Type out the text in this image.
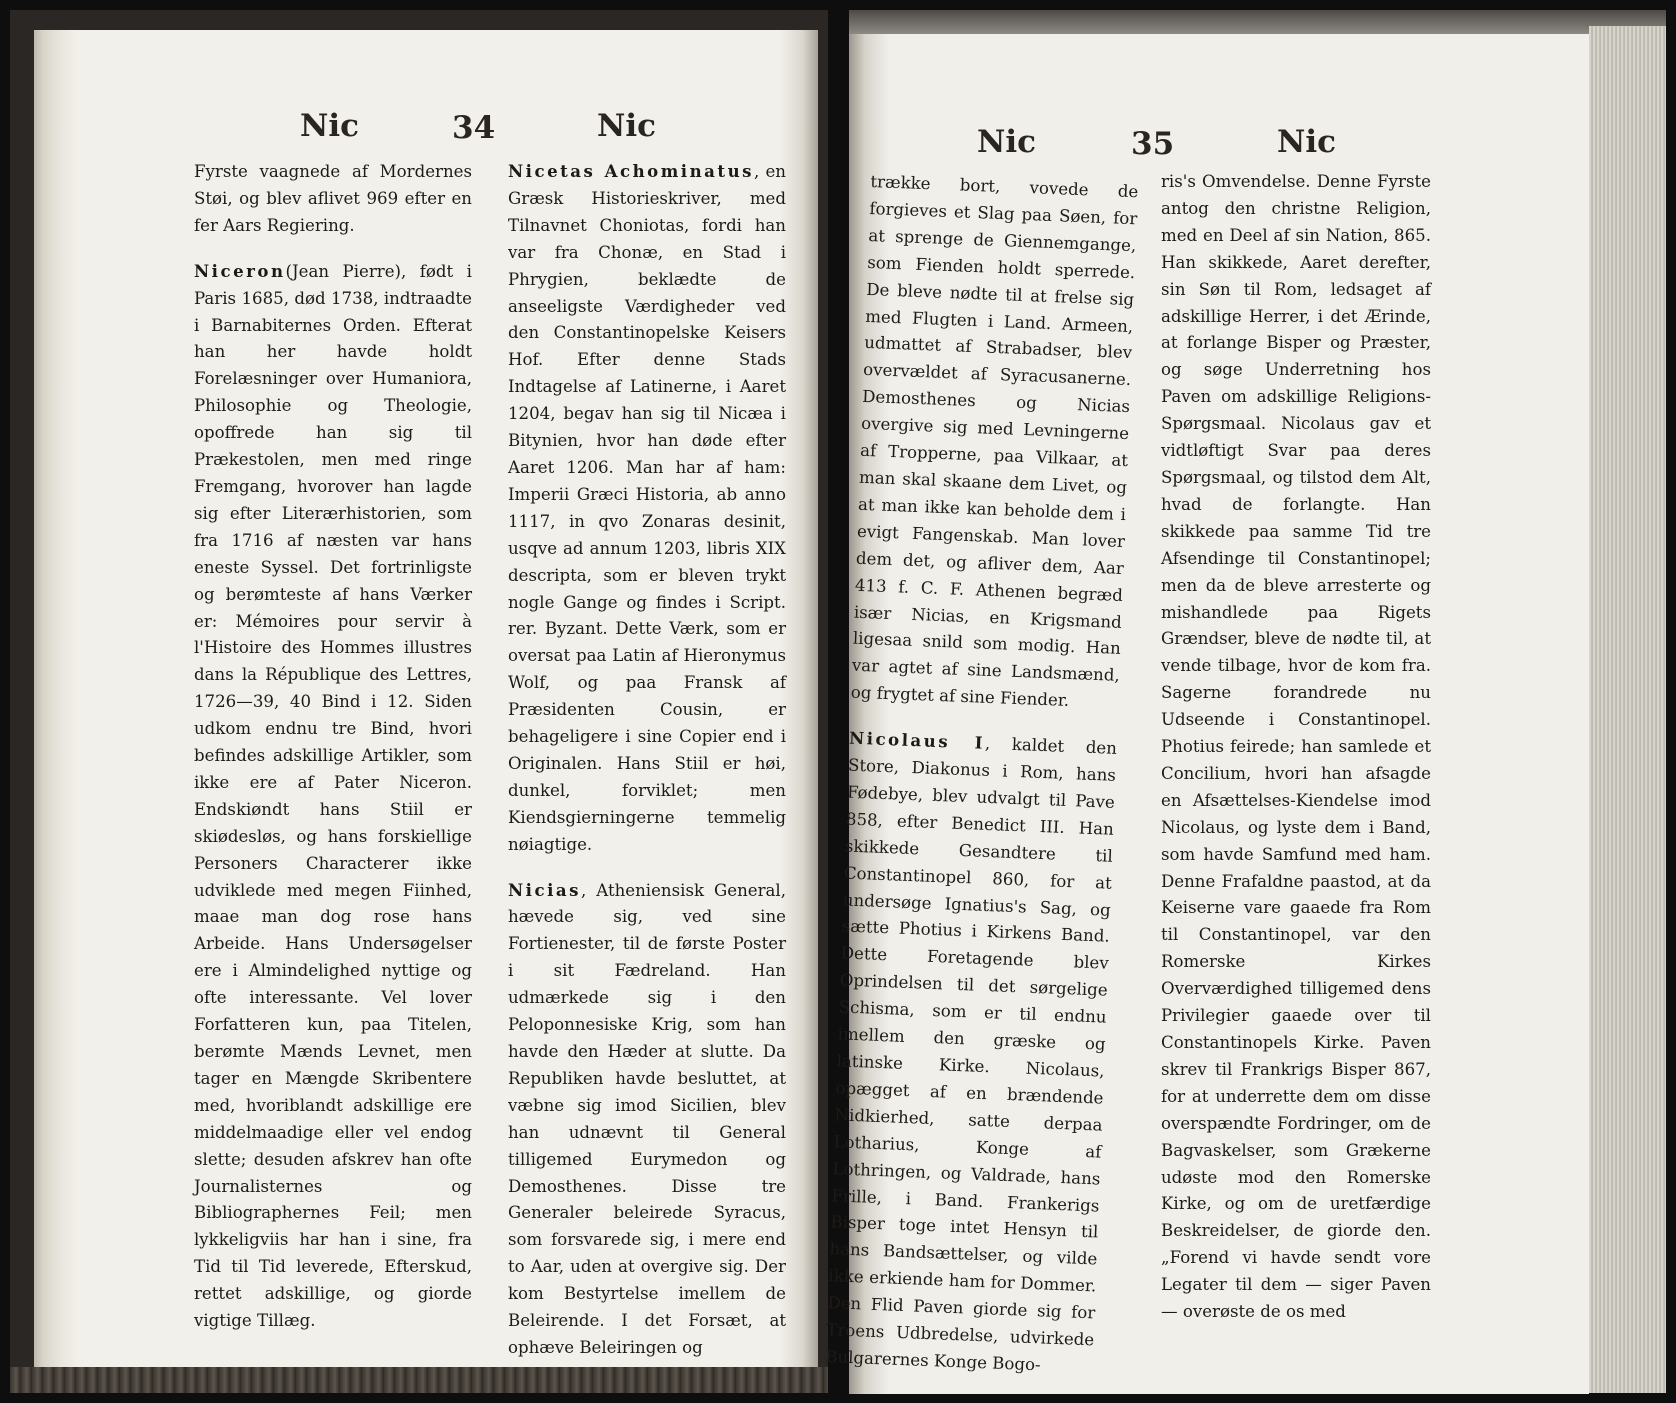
Nic	34	Nic

Fyrste vaagnede af Mordernes Støi, og blev aflivet 969 efter en fer Aars Regiering.

Niceron(Jean Pierre), født i Paris 1685, død 1738, indtraadte i Barnabiternes Orden. Efterat han her havde holdt Forelæsninger over Humaniora, Philosophie og Theologie, opoffrede han sig til Prækestolen, men med ringe Fremgang, hvorover han lagde sig efter Literærhistorien, som fra 1716 af næsten var hans eneste Syssel. Det fortrinligste og berømteste af hans Værker er: Mémoires pour servir à l'Histoire des Hommes illustres dans la République des Lettres, 1726—39, 40 Bind i 12. Siden udkom endnu tre Bind, hvori befindes adskillige Artikler, som ikke ere af Pater Niceron. Endskiøndt hans Stiil er skiødesløs, og hans forskiellige Personers Characterer ikke udviklede med megen Fiinhed, maae man dog rose hans Arbeide. Hans Undersøgelser ere i Almindelighed nyttige og ofte interessante. Vel lover Forfatteren kun, paa Titelen, berømte Mænds Levnet, men tager en Mængde Skribentere med, hvoriblandt adskillige ere middelmaadige eller vel endog slette; desuden afskrev han ofte Journalisternes og Bibliographernes Feil; men lykkeligviis har han i sine, fra Tid til Tid leverede, Efterskud, rettet adskillige, og giorde vigtige Tillæg.

Nicetas Achominatus, en Græsk Historieskriver, med Tilnavnet Choniotas, fordi han var fra Chonæ, en Stad i Phrygien, beklædte de anseeligste Værdigheder ved den Constantinopelske Keisers Hof. Efter denne Stads Indtagelse af Latinerne, i Aaret 1204, begav han sig til Nicæa i Bitynien, hvor han døde efter Aaret 1206. Man har af ham: Imperii Græci Historia, ab anno 1117, in qvo Zonaras desinit, usqve ad annum 1203, libris XIX descripta, som er bleven trykt nogle Gange og findes i Script. rer. Byzant. Dette Værk, som er oversat paa Latin af Hieronymus Wolf, og paa Fransk af Præsidenten Cousin, er behageligere i sine Copier end i Originalen. Hans Stiil er høi, dunkel, forviklet; men Kiendsgierningerne temmelig nøiagtige.

Nicias, Atheniensisk General, hævede sig, ved sine Fortienester, til de første Poster i sit Fædreland. Han udmærkede sig i den Peloponnesiske Krig, som han havde den Hæder at slutte. Da Republiken havde besluttet, at væbne sig imod Sicilien, blev han udnævnt til General tilligemed Eurymedon og Demosthenes. Disse tre Generaler beleirede Syracus, som forsvarede sig, i mere end to Aar, uden at overgive sig. Der kom Bestyrtelse imellem de Beleirende. I det Forsæt, at ophæve Beleiringen og

Nic	35	Nic

trække bort, vovede de forgieves et Slag paa Søen, for at sprenge de Giennemgange, som Fienden holdt sperrede. De bleve nødte til at frelse sig med Flugten i Land. Armeen, udmattet af Strabadser, blev overvældet af Syracusanerne. Demosthenes og Nicias overgive sig med Levningerne af Tropperne, paa Vilkaar, at man skal skaane dem Livet, og at man ikke kan beholde dem i evigt Fangenskab. Man lover dem det, og afliver dem, Aar 413 f. C. F. Athenen begræd især Nicias, en Krigsmand ligesaa snild som modig. Han var agtet af sine Landsmænd, og frygtet af sine Fiender.

Nicolaus I, kaldet den Store, Diakonus i Rom, hans Fødebye, blev udvalgt til Pave 858, efter Benedict III. Han skikkede Gesandtere til Constantinopel 860, for at undersøge Ignatius's Sag, og sætte Photius i Kirkens Band. Dette Foretagende blev Oprindelsen til det sørgelige Schisma, som er til endnu imellem den græske og latinske Kirke. Nicolaus, opægget af en brændende Nidkierhed, satte derpaa Lotharius, Konge af Lothringen, og Valdrade, hans Frille, i Band. Frankerigs Bisper toge intet Hensyn til hans Bandsættelser, og vilde ikke erkiende ham for Dommer. Den Flid Paven giorde sig for Troens Udbredelse, udvirkede Bulgarernes Konge Bogo-

ris's Omvendelse. Denne Fyrste antog den christne Religion, med en Deel af sin Nation, 865. Han skikkede, Aaret derefter, sin Søn til Rom, ledsaget af adskillige Herrer, i det Ærinde, at forlange Bisper og Præster, og søge Underretning hos Paven om adskillige Religions-Spørgsmaal. Nicolaus gav et vidtløftigt Svar paa deres Spørgsmaal, og tilstod dem Alt, hvad de forlangte. Han skikkede paa samme Tid tre Afsendinge til Constantinopel; men da de bleve arresterte og mishandlede paa Rigets Grændser, bleve de nødte til, at vende tilbage, hvor de kom fra. Sagerne forandrede nu Udseende i Constantinopel. Photius feirede; han samlede et Concilium, hvori han afsagde en Afsættelses-Kiendelse imod Nicolaus, og lyste dem i Band, som havde Samfund med ham. Denne Frafaldne paastod, at da Keiserne vare gaaede fra Rom til Constantinopel, var den Romerske Kirkes Overværdighed tilligemed dens Privilegier gaaede over til Constantinopels Kirke. Paven skrev til Frankrigs Bisper 867, for at underrette dem om disse overspændte Fordringer, om de Bagvaskelser, som Grækerne udøste mod den Romerske Kirke, og om de uretfærdige Beskreidelser, de giorde den. „Forend vi havde sendt vore Legater til dem — siger Paven — overøste de os med
